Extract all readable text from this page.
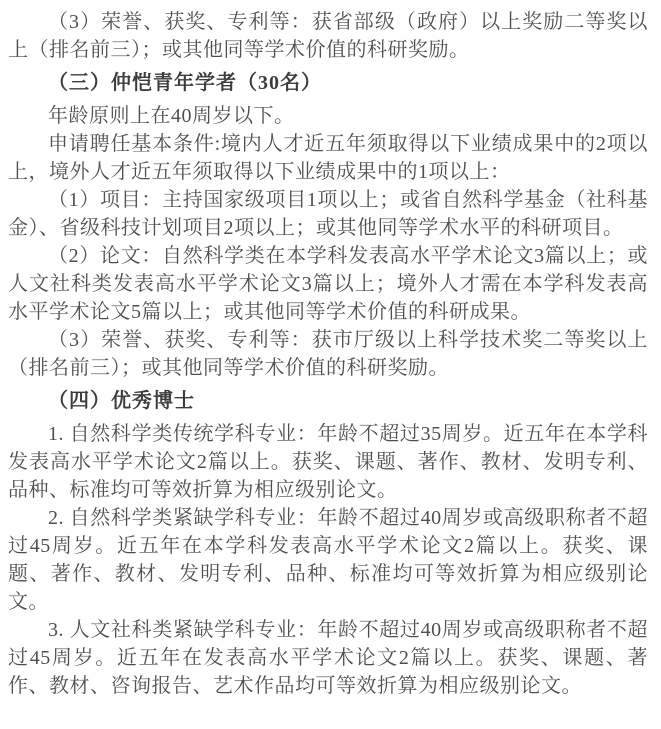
（3）荣誉、获奖、专利等：获省部级（政府）以上奖励二等奖以上（排名前三）；或其他同等学术价值的科研奖励。

（三）仲恺青年学者（30名）

年龄原则上在40周岁以下。

申请聘任基本条件:境内人才近五年须取得以下业绩成果中的2项以上，境外人才近五年须取得以下业绩成果中的1项以上：

（1）项目：主持国家级项目1项以上；或省自然科学基金（社科基金）、省级科技计划项目2项以上；或其他同等学术水平的科研项目。

（2）论文：自然科学类在本学科发表高水平学术论文3篇以上；或人文社科类发表高水平学术论文3篇以上；境外人才需在本学科发表高水平学术论文5篇以上；或其他同等学术价值的科研成果。

（3）荣誉、获奖、专利等：获市厅级以上科学技术奖二等奖以上（排名前三）；或其他同等学术价值的科研奖励。

（四）优秀博士

1. 自然科学类传统学科专业：年龄不超过35周岁。近五年在本学科发表高水平学术论文2篇以上。获奖、课题、著作、教材、发明专利、品种、标准均可等效折算为相应级别论文。

2. 自然科学类紧缺学科专业：年龄不超过40周岁或高级职称者不超过45周岁。近五年在本学科发表高水平学术论文2篇以上。获奖、课题、著作、教材、发明专利、品种、标准均可等效折算为相应级别论文。

3. 人文社科类紧缺学科专业：年龄不超过40周岁或高级职称者不超过45周岁。近五年在发表高水平学术论文2篇以上。获奖、课题、著作、教材、咨询报告、艺术作品均可等效折算为相应级别论文。
